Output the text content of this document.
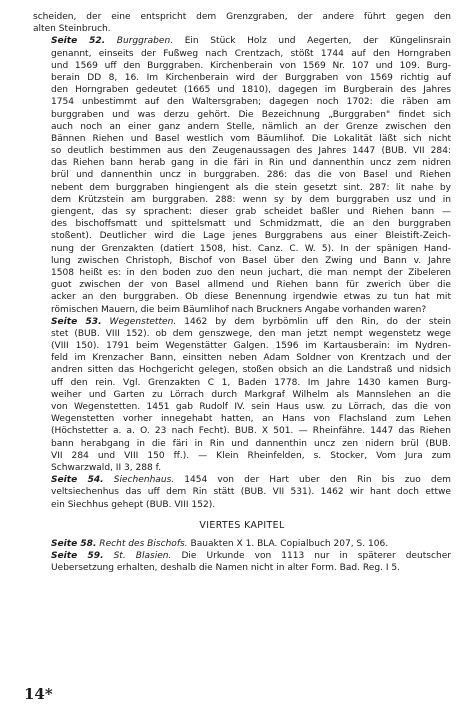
scheiden, der eine entspricht dem Grenzgraben, der andere führt gegen den
alten Steinbruch.

Seite 52. Burggraben. Ein Stück Holz und Aegerten, der Küngelinsrain
genannt, einseits der Fußweg nach Crentzach, stößt 1744 auf den Horngraben
und 1569 uff den Burggraben. Kirchenberain von 1569 Nr. 107 und 109. Burg-
berain DD 8, 16. Im Kirchenberain wird der Burggraben von 1569 richtig auf
den Horngraben gedeutet (1665 und 1810), dagegen im Burgberain des Jahres
1754 unbestimmt auf den Waltersgraben; dagegen noch 1702: die räben am
burggraben und was derzu gehört. Die Bezeichnung „Burggraben" findet sich
auch noch an einer ganz andern Stelle, nämlich an der Grenze zwischen den
Bännen Riehen und Basel westlich vom Bäumlihof. Die Lokalität läßt sich nicht
so deutlich bestimmen aus den Zeugenaussagen des Jahres 1447 (BUB. VII 284:
das Riehen bann herab gang in die färi in Rin und dannenthin uncz zem nidren
brül und dannenthin uncz in burggraben. 286: das die von Basel und Riehen
nebent dem burggraben hingiengent als die stein gesetzt sint. 287: lit nahe by
dem Krützstein am burggraben. 288: wenn sy by dem burggraben usz und in
giengent, das sy sprachent: dieser grab scheidet baßler und Riehen bann —
des bischoffsmatt und spittelsmatt und Schmidzmatt, die an den burggraben
stoßent). Deutlicher wird die Lage jenes Burggrabens aus einer Bleistift-Zeich-
nung der Grenzakten (datiert 1508, hist. Canz. C. W. 5). In der spänigen Hand-
lung zwischen Christoph, Bischof von Basel über den Zwing und Bann v. Jahre
1508 heißt es: in den boden zuo den neun juchart, die man nempt der Zibeleren
guot zwischen der von Basel allmend und Riehen bann für zwerich über die
acker an den burggraben. Ob diese Benennung irgendwie etwas zu tun hat mit
römischen Mauern, die beim Bäumlihof nach Bruckners Angabe vorhanden waren?

Seite 53. Wegenstetten. 1462 by dem byrbömlin uff den Rin, do der stein
stet (BUB. VIII 152). ob dem genszwege, den man jetzt nempt wegenstetz wege
(VIII 150). 1791 beim Wegenstätter Galgen. 1596 im Kartausberain: im Nydren-
feld im Krenzacher Bann, einsitten neben Adam Soldner von Krentzach und der
andren sitten das Hochgericht gelegen, stoßen obsich an die Landstraß und nidsich
uff den rein. Vgl. Grenzakten C 1, Baden 1778. Im Jahre 1430 kamen Burg-
weiher und Garten zu Lörrach durch Markgraf Wilhelm als Mannslehen an die
von Wegenstetten. 1451 gab Rudolf IV. sein Haus usw. zu Lörrach, das die von
Wegenstetten vorher innegehabt hatten, an Hans von Flachsland zum Lehen
(Höchstetter a. a. O. 23 nach Fecht). BUB. X 501. — Rheinfähre. 1447 das Riehen
bann herabgang in die färi in Rin und dannenthin uncz zen nidern brül (BUB.
VII 284 und VIII 150 ff.). — Klein Rheinfelden, s. Stocker, Vom Jura zum
Schwarzwald, II 3, 288 f.

Seite 54. Siechenhaus. 1454 von der Hart uber den Rin bis zuo dem
veltsiechenhus das uff dem Rin stätt (BUB. VII 531). 1462 wir hant doch ettwe
ein Siechhus gehept (BUB. VIII 152).

VIERTES KAPITEL

Seite 58. Recht des Bischofs. Bauakten X 1. BLA. Copialbuch 207, S. 106.

Seite 59. St. Blasien. Die Urkunde von 1113 nur in späterer deutscher
Uebersetzung erhalten, deshalb die Namen nicht in alter Form. Bad. Reg. I 5.

14*
